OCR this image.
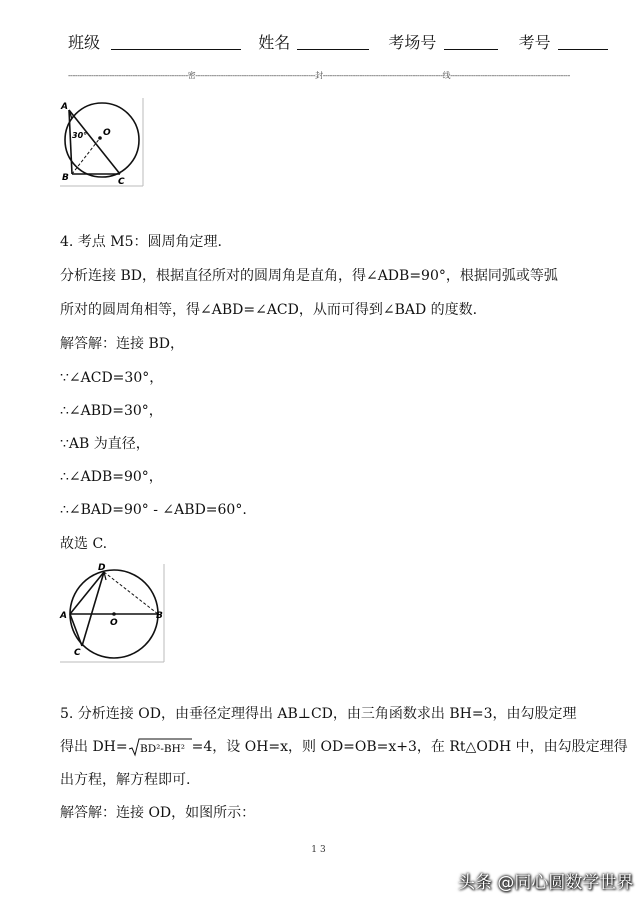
班级	姓名	考场号	考号
----------------------------------------------------密----------------------------------------------------封----------------------------------------------------线----------------------------------------------------
A
O
B	C
30°
4. 考点 M5：圆周角定理.
分析连接 BD，根据直径所对的圆周角是直角，得∠ADB=90°，根据同弧或等弧
所对的圆周角相等，得∠ABD=∠ACD，从而可得到∠BAD 的度数.
解答解：连接 BD，
∵∠ACD=30°，
∴∠ABD=30°，
∵AB 为直径，
∴∠ADB=90°，
∴∠BAD=90° - ∠ABD=60°.
故选 C.
D
A
O
B
C
5. 分析连接 OD，由垂径定理得出 AB⊥CD，由三角函数求出 BH=3，由勾股定理
得出 DH= BD²-BH² =4，设 OH=x，则 OD=OB=x+3，在 Rt△ODH 中，由勾股定理得
出方程，解方程即可.
解答解：连接 OD，如图所示：
13
头条 @同心圆数学世界
